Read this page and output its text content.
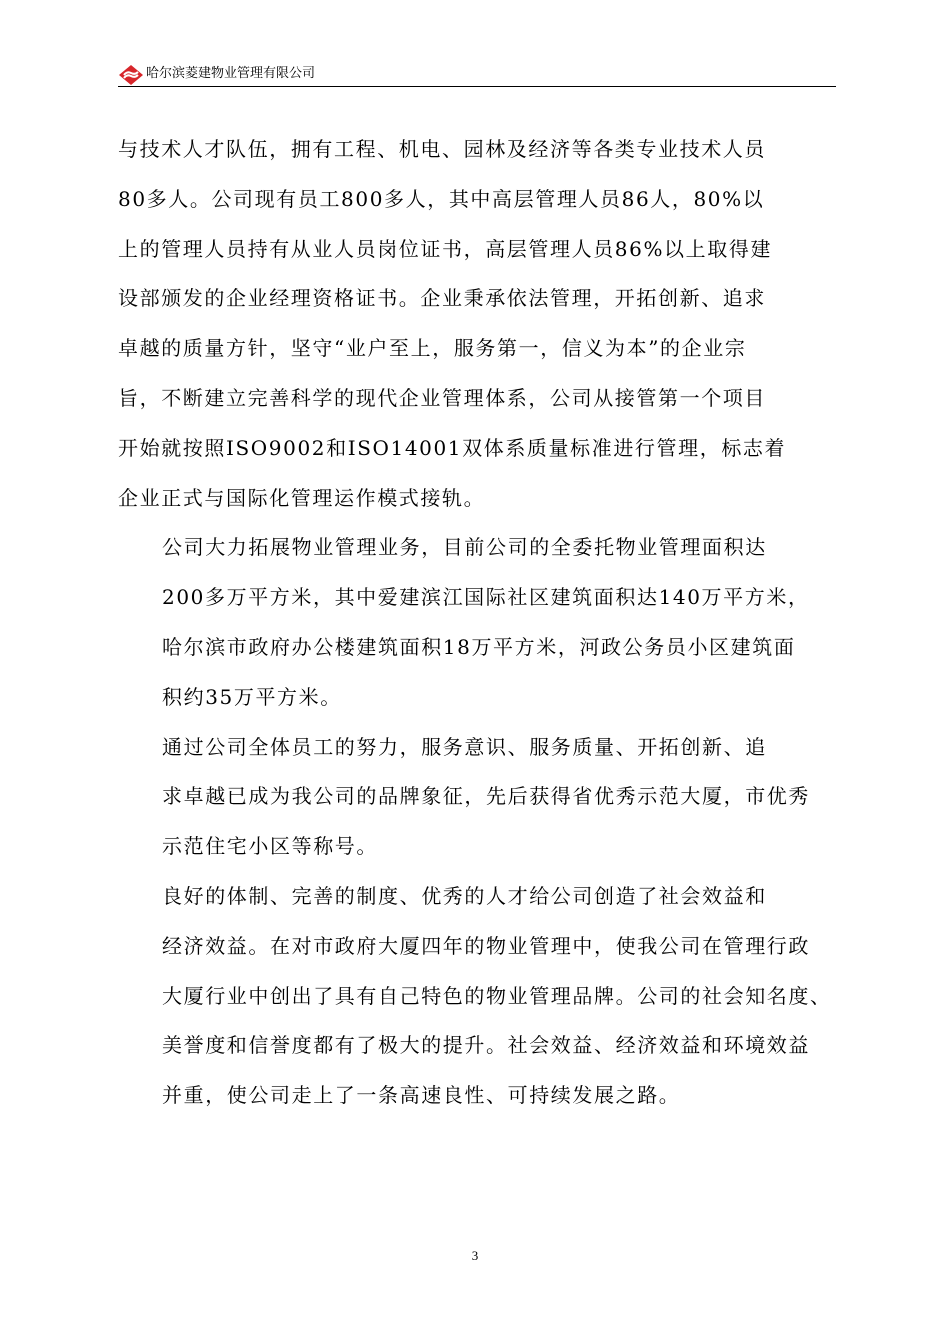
哈尔滨菱建物业管理有限公司

与技术人才队伍，拥有工程、机电、园林及经济等各类专业技术人员
80多人。公司现有员工800多人，其中高层管理人员86人，80%以
上的管理人员持有从业人员岗位证书，高层管理人员86%以上取得建
设部颁发的企业经理资格证书。企业秉承依法管理，开拓创新、追求
卓越的质量方针，坚守“业户至上，服务第一，信义为本”的企业宗
旨，不断建立完善科学的现代企业管理体系，公司从接管第一个项目
开始就按照ISO9002和ISO14001双体系质量标准进行管理，标志着
企业正式与国际化管理运作模式接轨。

公司大力拓展物业管理业务，目前公司的全委托物业管理面积达
200多万平方米，其中爱建滨江国际社区建筑面积达140万平方米，
哈尔滨市政府办公楼建筑面积18万平方米，河政公务员小区建筑面
积约35万平方米。

通过公司全体员工的努力，服务意识、服务质量、开拓创新、追
求卓越已成为我公司的品牌象征，先后获得省优秀示范大厦，市优秀
示范住宅小区等称号。

良好的体制、完善的制度、优秀的人才给公司创造了社会效益和
经济效益。在对市政府大厦四年的物业管理中，使我公司在管理行政
大厦行业中创出了具有自己特色的物业管理品牌。公司的社会知名度、
美誉度和信誉度都有了极大的提升。社会效益、经济效益和环境效益
并重，使公司走上了一条高速良性、可持续发展之路。

3
